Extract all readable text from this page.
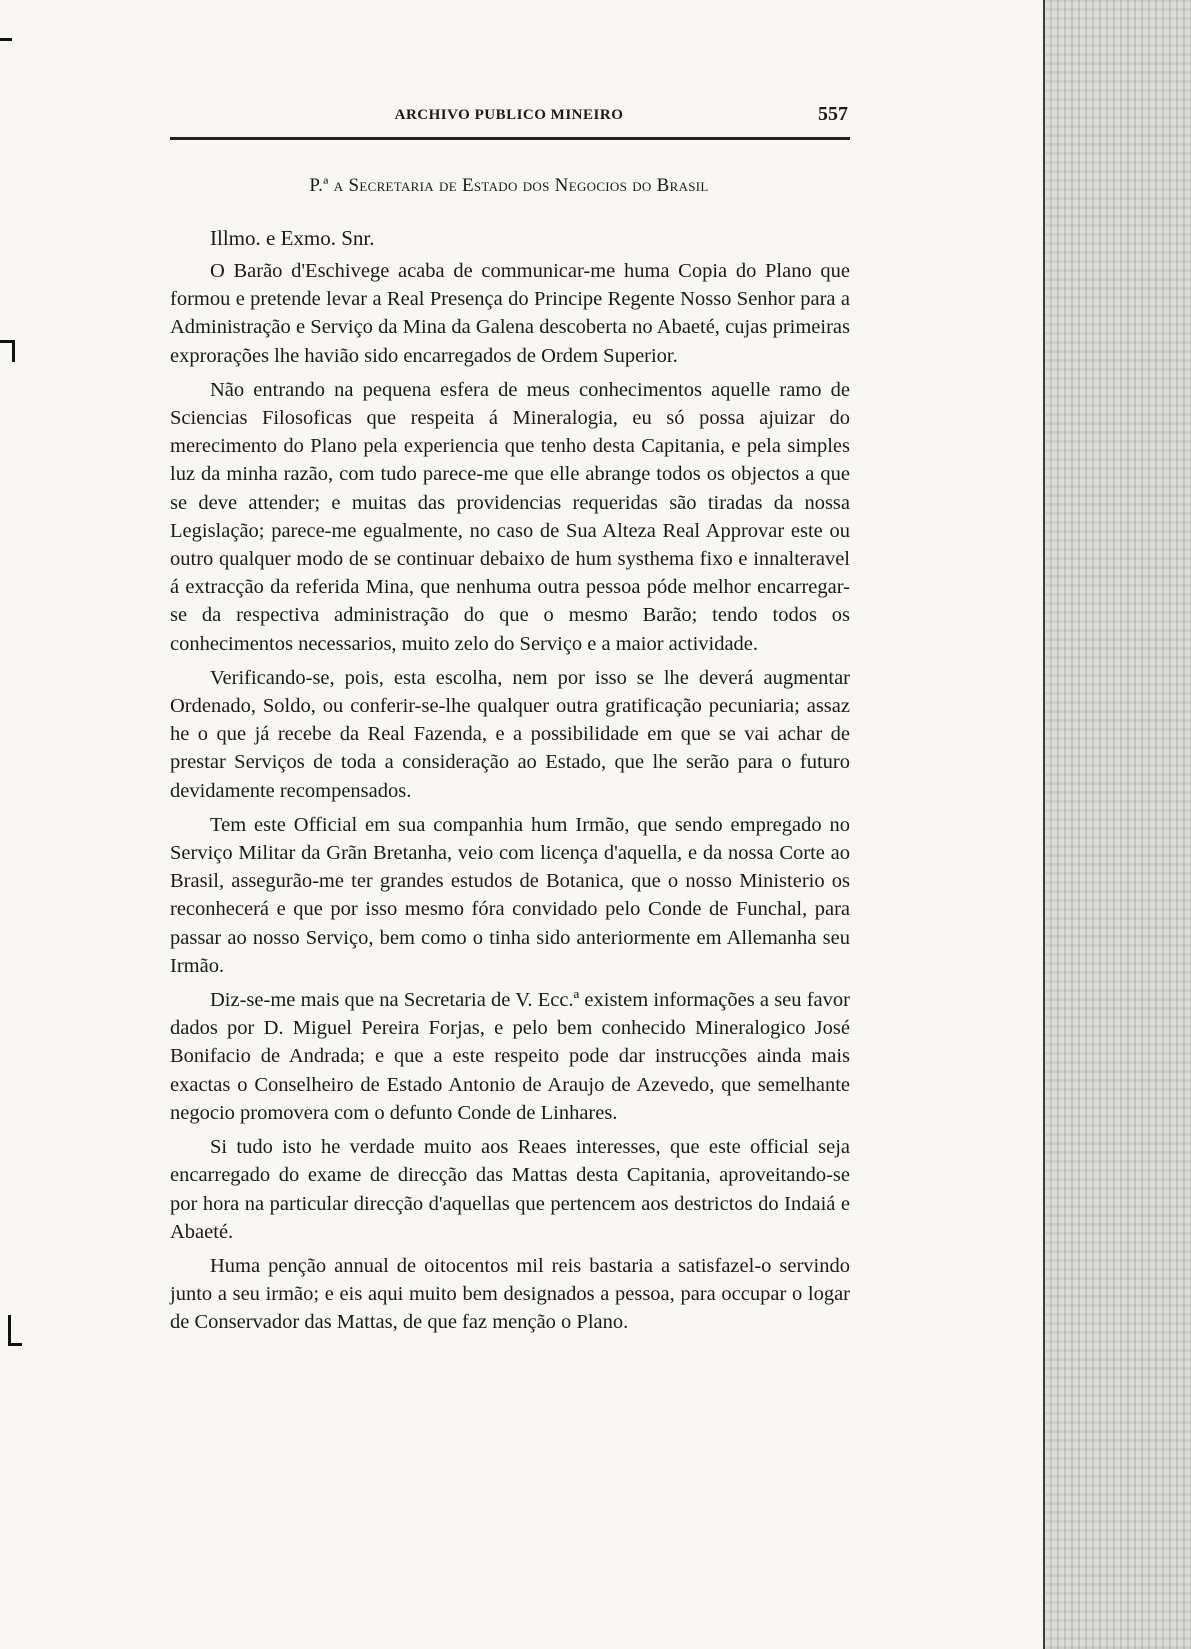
ARCHIVO PUBLICO MINEIRO	557
P.ª a Secretaria de Estado dos Negocios do Brasil
Illmo. e Exmo. Snr.

O Barão d'Eschivege acaba de communicar-me huma Copia do Plano que formou e pretende levar a Real Presença do Principe Regente Nosso Senhor para a Administração e Serviço da Mina da Galena descoberta no Abaeté, cujas primeiras exprorações lhe havião sido encarregados de Ordem Superior.

Não entrando na pequena esfera de meus conhecimentos aquelle ramo de Sciencias Filosoficas que respeita á Mineralogia, eu só possa ajuizar do merecimento do Plano pela experiencia que tenho desta Capitania, e pela simples luz da minha razão, com tudo parece-me que elle abrange todos os objectos a que se deve attender; e muitas das providencias requeridas são tiradas da nossa Legislação; parece-me egualmente, no caso de Sua Alteza Real Approvar este ou outro qualquer modo de se continuar debaixo de hum systhema fixo e innalteravel á extracção da referida Mina, que nenhuma outra pessoa póde melhor encarregar-se da respectiva administração do que o mesmo Barão; tendo todos os conhecimentos necessarios, muito zelo do Serviço e a maior actividade.

Verificando-se, pois, esta escolha, nem por isso se lhe deverá augmentar Ordenado, Soldo, ou conferir-se-lhe qualquer outra gratificação pecuniaria; assaz he o que já recebe da Real Fazenda, e a possibilidade em que se vai achar de prestar Serviços de toda a consideração ao Estado, que lhe serão para o futuro devidamente recompensados.

Tem este Official em sua companhia hum Irmão, que sendo empregado no Serviço Militar da Grãn Bretanha, veio com licença d'aquella, e da nossa Corte ao Brasil, assegurão-me ter grandes estudos de Botanica, que o nosso Ministerio os reconhecerá e que por isso mesmo fóra convidado pelo Conde de Funchal, para passar ao nosso Serviço, bem como o tinha sido anteriormente em Allemanha seu Irmão.

Diz-se-me mais que na Secretaria de V. Ecc.ª existem informações a seu favor dados por D. Miguel Pereira Forjas, e pelo bem conhecido Mineralogico José Bonifacio de Andrada; e que a este respeito pode dar instrucções ainda mais exactas o Conselheiro de Estado Antonio de Araujo de Azevedo, que semelhante negocio promovera com o defunto Conde de Linhares.

Si tudo isto he verdade muito aos Reaes interesses, que este official seja encarregado do exame de direcção das Mattas desta Capitania, aproveitando-se por hora na particular direcção d'aquellas que pertencem aos destrictos do Indaiá e Abaeté.

Huma penção annual de oitocentos mil reis bastaria a satisfazel-o servindo junto a seu irmão; e eis aqui muito bem designados a pessoa, para occupar o logar de Conservador das Mattas, de que faz menção o Plano.
